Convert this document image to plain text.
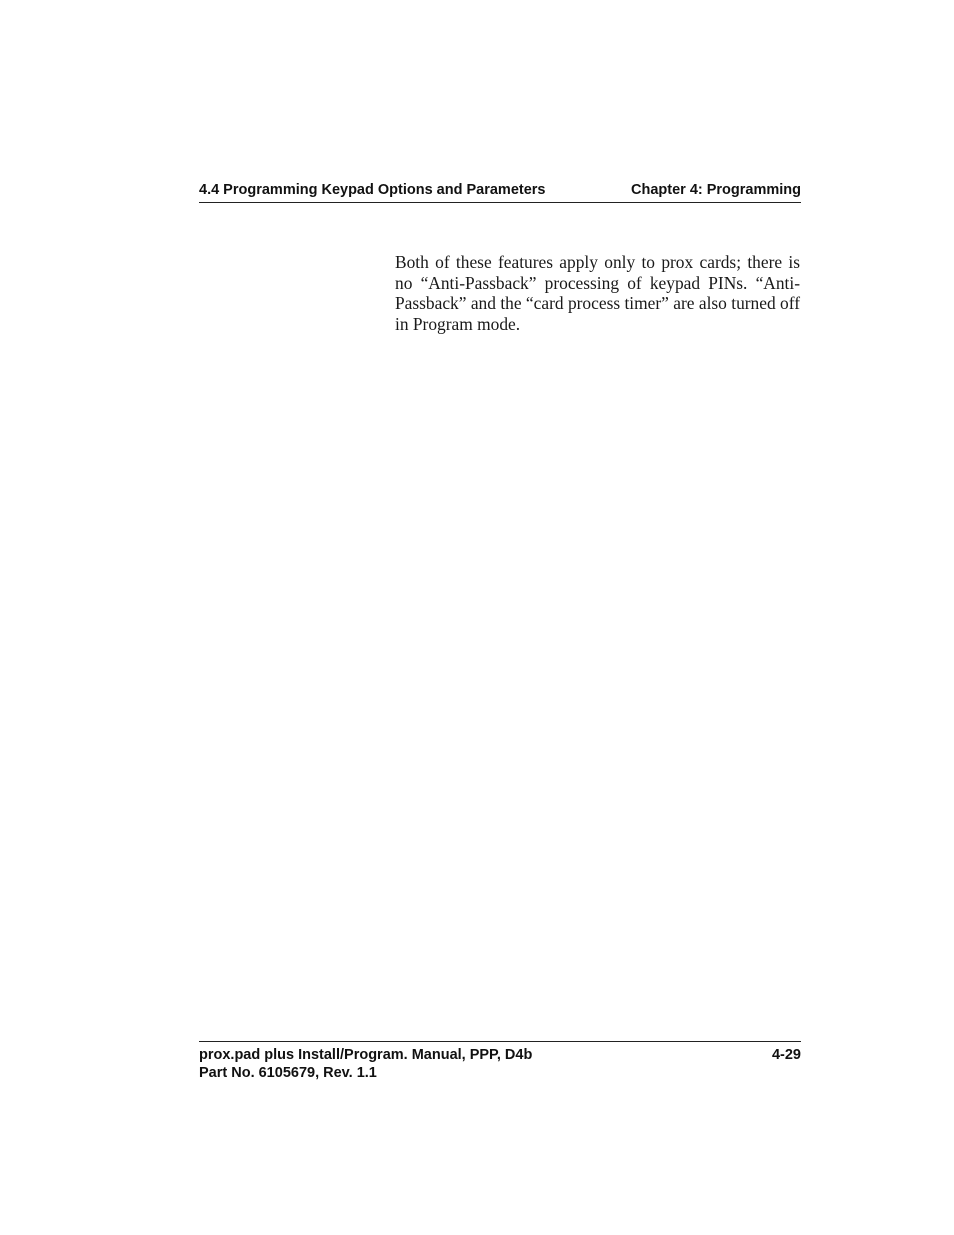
4.4 Programming Keypad Options and Parameters	Chapter 4: Programming

Both of these features apply only to prox cards; there is no “Anti-Passback” processing of keypad PINs. “Anti-Passback” and the “card process timer” are also turned off in Program mode.

prox.pad plus Install/Program. Manual, PPP, D4b	4-29
Part No. 6105679, Rev. 1.1
